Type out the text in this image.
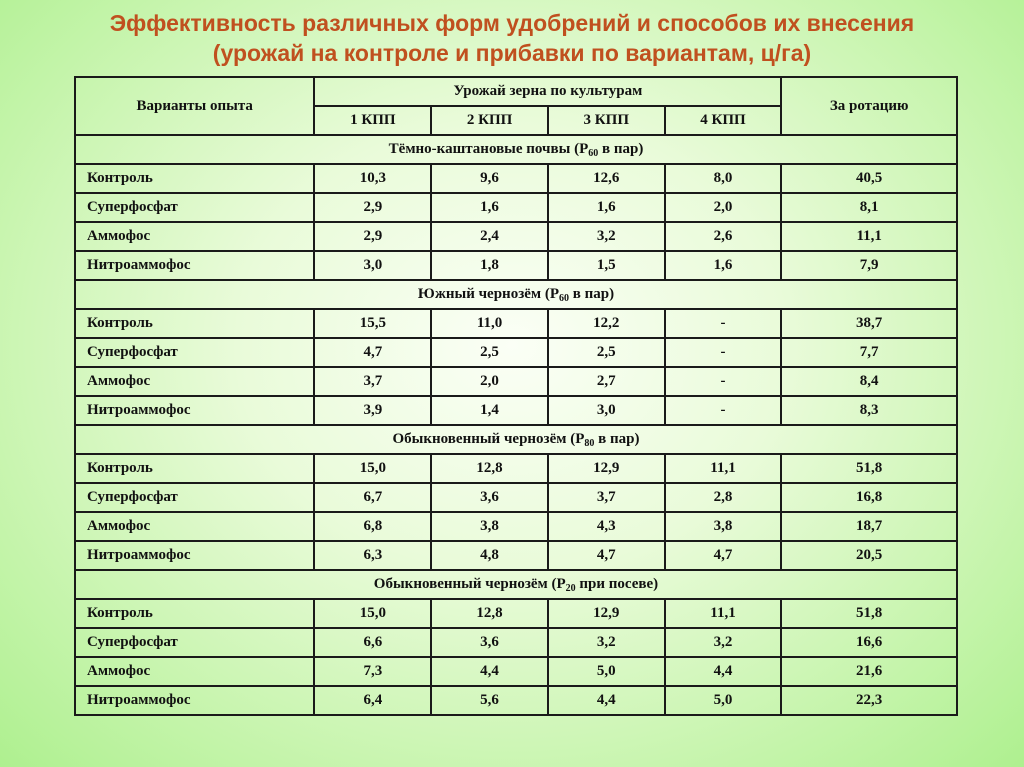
Эффективность различных форм удобрений и способов их внесения
(урожай на контроле и прибавки по вариантам, ц/га)
Варианты опыта	Урожай зерна по культурам				За ротацию
	1 КПП	2 КПП	3 КПП	4 КПП	
Тёмно-каштановые почвы ($Р_{60}$ в пар)					
Контроль	10,3	9,6	12,6	8,0	40,5
Суперфосфат	2,9	1,6	1,6	2,0	8,1
Аммофос	2,9	2,4	3,2	2,6	11,1
Нитроаммофос	3,0	1,8	1,5	1,6	7,9
Южный чернозём ($Р_{60}$ в пар)					
Контроль	15,5	11,0	12,2	-	38,7
Суперфосфат	4,7	2,5	2,5	-	7,7
Аммофос	3,7	2,0	2,7	-	8,4
Нитроаммофос	3,9	1,4	3,0	-	8,3
Обыкновенный чернозём ($Р_{80}$ в пар)					
Контроль	15,0	12,8	12,9	11,1	51,8
Суперфосфат	6,7	3,6	3,7	2,8	16,8
Аммофос	6,8	3,8	4,3	3,8	18,7
Нитроаммофос	6,3	4,8	4,7	4,7	20,5
Обыкновенный чернозём ($Р_{20}$ при посеве)					
Контроль	15,0	12,8	12,9	11,1	51,8
Суперфосфат	6,6	3,6	3,2	3,2	16,6
Аммофос	7,3	4,4	5,0	4,4	21,6
Нитроаммофос	6,4	5,6	4,4	5,0	22,3
